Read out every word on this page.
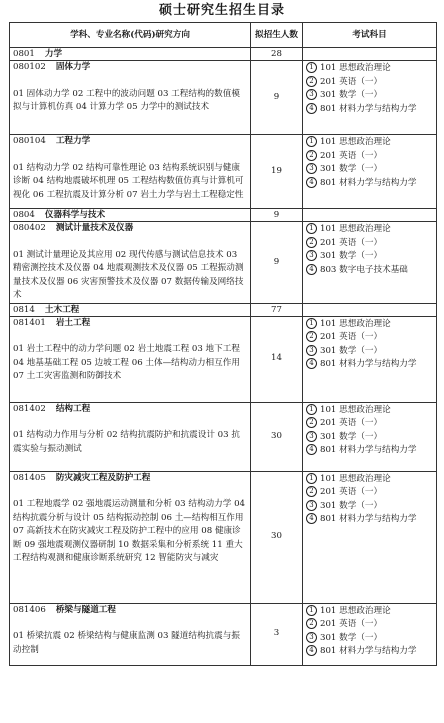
硕士研究生招生目录
学科、专业名称(代码)研究方向	拟招生人数	考试科目
0801 力学	28	

080102 固体力学
01 固体动力学 02 工程中的波动问题 03 工程结构的数值模拟与计算机仿真 04 计算力学 05 力学中的测试技术	9	1 101 思想政治理论
2 201 英语（一）
3 301 数学（一）
4 801 材料力学与结构力学

080104 工程力学
01 结构动力学 02 结构可靠性理论 03 结构系统识别与健康诊断 04 结构地震破坏机理 05 工程结构数值仿真与计算机可视化 06 工程抗震及计算分析 07 岩土力学与岩土工程稳定性	19	1 101 思想政治理论
2 201 英语（一）
3 301 数学（一）
4 801 材料力学与结构力学

0804 仪器科学与技术	9	

080402 测试计量技术及仪器
01 测试计量理论及其应用 02 现代传感与测试信息技术 03 精密测控技术及仪器 04 地震观测技术及仪器 05 工程振动测量技术及仪器 06 灾害预警技术及仪器 07 数据传输及网络技术	9	1 101 思想政治理论
2 201 英语（一）
3 301 数学（一）
4 803 数字电子技术基础

0814 土木工程	77	

081401 岩土工程
01 岩土工程中的动力学问题 02 岩土地震工程 03 地下工程 04 地基基础工程 05 边坡工程 06 土体—结构动力相互作用 07 土工灾害监测和防御技术	14	1 101 思想政治理论
2 201 英语（一）
3 301 数学（一）
4 801 材料力学与结构力学

081402 结构工程
01 结构动力作用与分析 02 结构抗震防护和抗震设计 03 抗震实验与振动测试	30	1 101 思想政治理论
2 201 英语（一）
3 301 数学（一）
4 801 材料力学与结构力学

081405 防灾减灾工程及防护工程
01 工程地震学 02 强地震运动测量和分析 03 结构动力学 04 结构抗震分析与设计 05 结构振动控制 06 土—结构相互作用 07 高新技术在防灾减灾工程及防护工程中的应用 08 健康诊断 09 强地震观测仪器研制 10 数据采集和分析系统 11 重大工程结构观测和健康诊断系统研究 12 智能防灾与减灾	30	1 101 思想政治理论
2 201 英语（一）
3 301 数学（一）
4 801 材料力学与结构力学

081406 桥梁与隧道工程
01 桥梁抗震 02 桥梁结构与健康监测 03 隧道结构抗震与振动控制	3	1 101 思想政治理论
2 201 英语（一）
3 301 数学（一）
4 801 材料力学与结构力学
